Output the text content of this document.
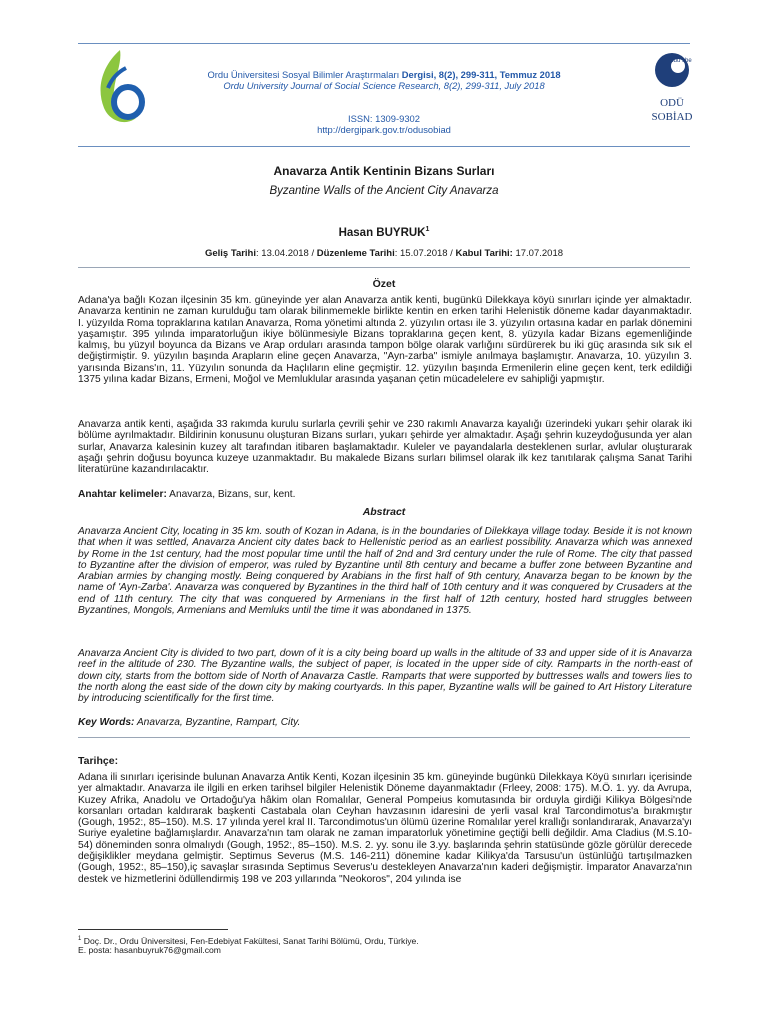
Ordu Üniversitesi Sosyal Bilimler Araştırmaları Dergisi, 8(2), 299-311, Temmuz 2018
Ordu University Journal of Social Science Research, 8(2), 299-311, July 2018
ISSN: 1309-9302
http://dergipark.gov.tr/odusobiad
odu sbe
ODÜ
SOBİAD
Anavarza Antik Kentinin Bizans Surları
Byzantine Walls of the Ancient City Anavarza
Hasan BUYRUK$^1$
Geliş Tarihi: 13.04.2018 / Düzenleme Tarihi: 15.07.2018 / Kabul Tarihi: 17.07.2018
Özet
Adana'ya bağlı Kozan ilçesinin 35 km. güneyinde yer alan Anavarza antik kenti, bugünkü Dilekkaya köyü sınırları içinde yer almaktadır. Anavarza kentinin ne zaman kurulduğu tam olarak bilinmemekle birlikte kentin en erken tarihi Helenistik döneme kadar dayanmaktadır. I. yüzyılda Roma topraklarına katılan Anavarza, Roma yönetimi altında 2. yüzyılın ortası ile 3. yüzyılın ortasına kadar en parlak dönemini yaşamıştır. 395 yılında imparatorluğun ikiye bölünmesiyle Bizans topraklarına geçen kent, 8. yüzyıla kadar Bizans egemenliğinde kalmış, bu yüzyıl boyunca da Bizans ve Arap orduları arasında tampon bölge olarak varlığını sürdürerek bu iki güç arasında sık sık el değiştirmiştir. 9. yüzyılın başında Arapların eline geçen Anavarza, "Ayn-zarba" ismiyle anılmaya başlamıştır. Anavarza, 10. yüzyılın 3. yarısında Bizans'ın, 11. Yüzyılın sonunda da Haçlıların eline geçmiştir. 12. yüzyılın başında Ermenilerin eline geçen kent, terk edildiği 1375 yılına kadar Bizans, Ermeni, Moğol ve Memluklular arasında yaşanan çetin mücadelelere ev sahipliği yapmıştır.
Anavarza antik kenti, aşağıda 33 rakımda kurulu surlarla çevrili şehir ve 230 rakımlı Anavarza kayalığı üzerindeki yukarı şehir olarak iki bölüme ayrılmaktadır. Bildirinin konusunu oluşturan Bizans surları, yukarı şehirde yer almaktadır. Aşağı şehrin kuzeydoğusunda yer alan surlar, Anavarza kalesinin kuzey alt tarafından itibaren başlamaktadır. Kuleler ve payandalarla desteklenen surlar, avlular oluşturarak aşağı şehrin doğusu boyunca kuzeye uzanmaktadır. Bu makalede Bizans surları bilimsel olarak ilk kez tanıtılarak çalışma Sanat Tarihi literatürüne kazandırılacaktır.
Anahtar kelimeler: Anavarza, Bizans, sur, kent.
Abstract
Anavarza Ancient City, locating in 35 km. south of Kozan in Adana, is in the boundaries of Dilekkaya village today. Beside it is not known that when it was settled, Anavarza Ancient city dates back to Hellenistic period as an earliest possibility. Anavarza which was annexed by Rome in the 1st century, had the most popular time until the half of 2nd and 3rd century under the rule of Rome. The city that passed to Byzantine after the division of emperor, was ruled by Byzantine until 8th century and became a buffer zone between Byzantine and Arabian armies by changing mostly. Being conquered by Arabians in the first half of 9th century, Anavarza began to be known by the name of 'Ayn-Zarba'. Anavarza was conquered by Byzantines in the third half of 10th century and it was conquered by Crusaders at the end of 11th century. The city that was conquered by Armenians in the first half of 12th century, hosted hard struggles between Byzantines, Mongols, Armenians and Memluks until the time it was abondaned in 1375.
Anavarza Ancient City is divided to two part, down of it is a city being board up walls in the altitude of 33 and upper side of it is Anavarza reef in the altitude of 230. The Byzantine walls, the subject of paper, is located in the upper side of city. Ramparts in the north-east of down city, starts from the bottom side of North of Anavarza Castle. Ramparts that were supported by buttresses walls and towers lies to the north along the east side of the down city by making courtyards. In this paper, Byzantine walls will be gained to Art History Literature by introducing scientifically for the first time.
Key Words: Anavarza, Byzantine, Rampart, City.
Tarihçe:
Adana ili sınırları içerisinde bulunan Anavarza Antik Kenti, Kozan ilçesinin 35 km. güneyinde bugünkü Dilekkaya Köyü sınırları içerisinde yer almaktadır. Anavarza ile ilgili en erken tarihsel bilgiler Helenistik Döneme dayanmaktadır (Frleey, 2008: 175). M.Ö. 1. yy. da Avrupa, Kuzey Afrika, Anadolu ve Ortadoğu'ya hâkim olan Romalılar, General Pompeius komutasında bir orduyla girdiği Kilikya Bölgesi'nde korsanları ortadan kaldırarak başkenti Castabala olan Ceyhan havzasının idaresini de yerli vasal kral Tarcondimotus'a bırakmıştır (Gough, 1952:, 85–150). M.S. 17 yılında yerel kral II. Tarcondimotus'un ölümü üzerine Romalılar yerel krallığı sonlandırarak, Anavarza'yı Suriye eyaletine bağlamışlardır. Anavarza'nın tam olarak ne zaman imparatorluk yönetimine geçtiği belli değildir. Ama Cladius (M.S.10-54) döneminden sonra olmalıydı (Gough, 1952:, 85–150). M.S. 2. yy. sonu ile 3.yy. başlarında şehrin statüsünde gözle görülür derecede değişiklikler meydana gelmiştir. Septimus Severus (M.S. 146-211) dönemine kadar Kilikya'da Tarsusu'un üstünlüğü tartışılmazken (Gough, 1952:, 85–150),iç savaşlar sırasında Septimus Severus'u destekleyen Anavarza'nın kaderi değişmiştir. İmparator Anavarza'nın destek ve hizmetlerini ödüllendirmiş 198 ve 203 yıllarında "Neokoros", 204 yılında ise
$^1$ Doç. Dr., Ordu Üniversitesi, Fen-Edebiyat Fakültesi, Sanat Tarihi Bölümü, Ordu, Türkiye.
E. posta: hasanbuyruk76@gmail.com
